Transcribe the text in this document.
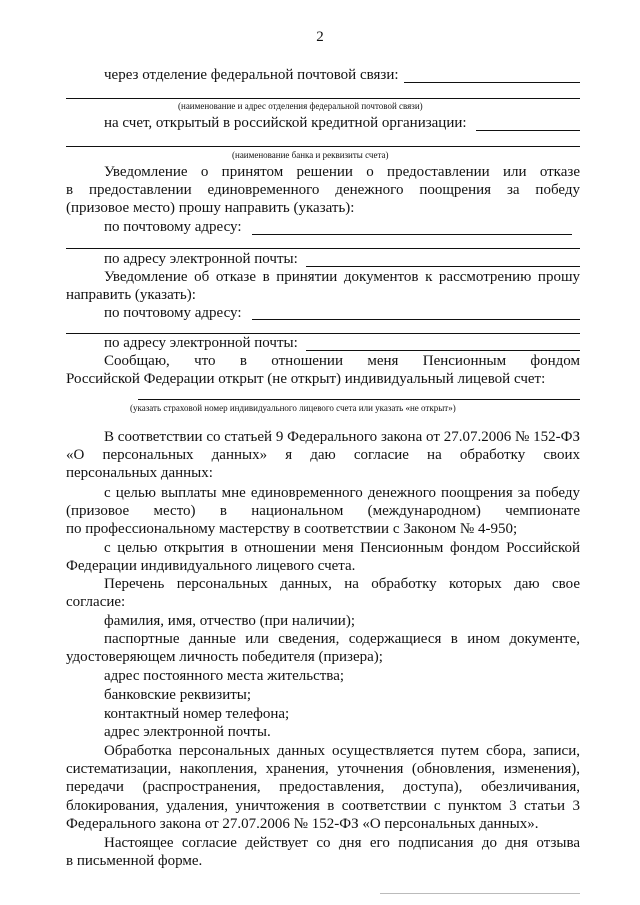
2
через отделение федеральной почтовой связи:
(наименование и адрес отделения федеральной почтовой связи)
на счет, открытый в российской кредитной организации:
(наименование банка и реквизиты счета)
Уведомление о принятом решении о предоставлении или отказе
в предоставлении единовременного денежного поощрения за победу
(призовое место) прошу направить (указать):
по почтовому адресу:
по адресу электронной почты:
Уведомление об отказе в принятии документов к рассмотрению прошу
направить (указать):
по почтовому адресу:
по адресу электронной почты:
Сообщаю, что в отношении меня Пенсионным фондом
Российской Федерации открыт (не открыт) индивидуальный лицевой счет:
(указать страховой номер индивидуального лицевого счета или указать «не открыт»)
В соответствии со статьей 9 Федерального закона от 27.07.2006 № 152-ФЗ
«О персональных данных» я даю согласие на обработку своих
персональных данных:
с целью выплаты мне единовременного денежного поощрения за победу
(призовое место) в национальном (международном) чемпионате
по профессиональному мастерству в соответствии с Законом № 4-950;
с целью открытия в отношении меня Пенсионным фондом Российской
Федерации индивидуального лицевого счета.
Перечень персональных данных, на обработку которых даю свое
согласие:
фамилия, имя, отчество (при наличии);
паспортные данные или сведения, содержащиеся в ином документе,
удостоверяющем личность победителя (призера);
адрес постоянного места жительства;
банковские реквизиты;
контактный номер телефона;
адрес электронной почты.
Обработка персональных данных осуществляется путем сбора, записи,
систематизации, накопления, хранения, уточнения (обновления, изменения),
передачи (распространения, предоставления, доступа), обезличивания,
блокирования, удаления, уничтожения в соответствии с пунктом 3 статьи 3
Федерального закона от 27.07.2006 № 152-ФЗ «О персональных данных».
Настоящее согласие действует со дня его подписания до дня отзыва
в письменной форме.
